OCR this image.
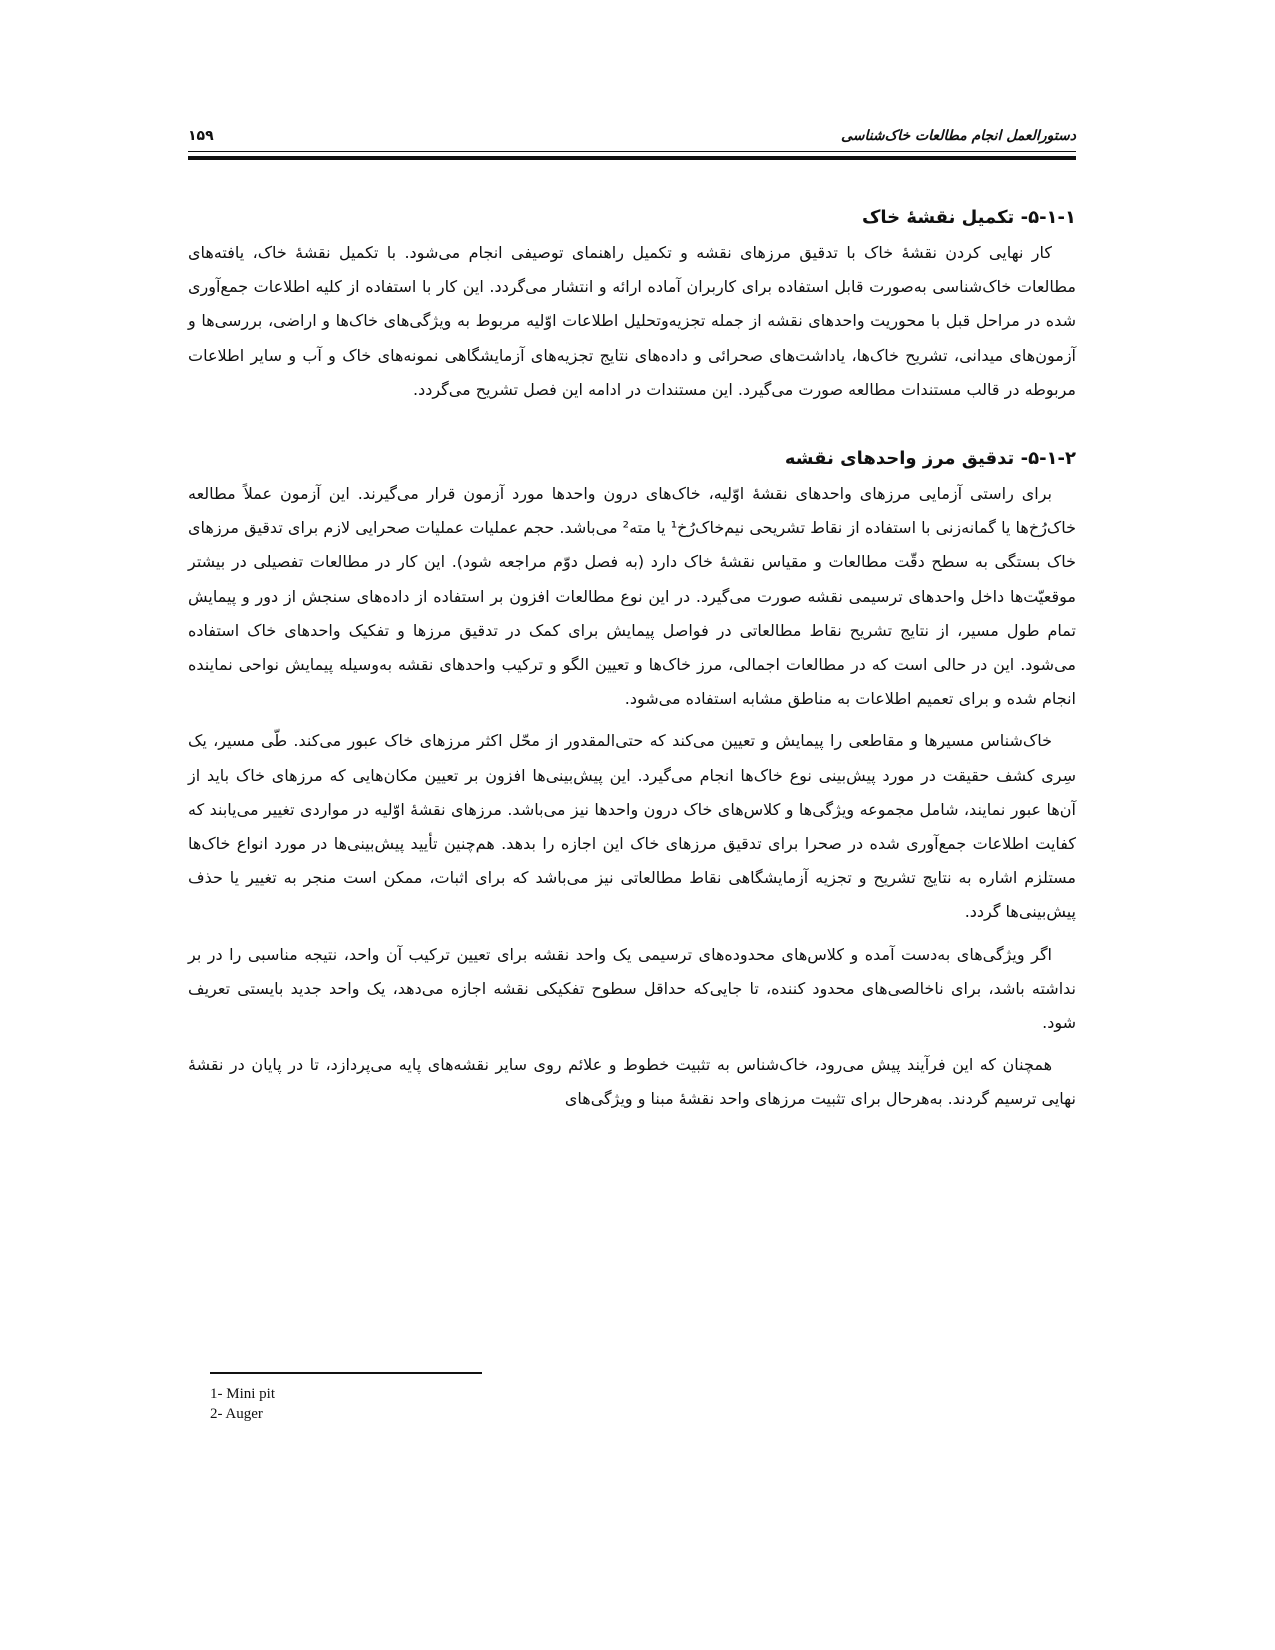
دستورالعمل انجام مطالعات خاک‌شناسی
۱۵۹
۵-۱-۱- تکمیل نقشهٔ خاک

کار نهایی کردن نقشهٔ خاک با تدقیق مرزهای نقشه و تکمیل راهنمای توصیفی انجام می‌شود. با تکمیل نقشهٔ خاک، یافته‌های مطالعات خاک‌شناسی به‌صورت قابل استفاده برای کاربران آماده ارائه و انتشار می‌گردد. این کار با استفاده از کلیه اطلاعات جمع‌آوری شده در مراحل قبل با محوریت واحدهای نقشه از جمله تجزیه‌وتحلیل اطلاعات اوّلیه مربوط به ویژگی‌های خاک‌ها و اراضی، بررسی‌ها و آزمون‌های میدانی، تشریح خاک‌ها، یاداشت‌های صحرائی و داده‌های نتایج تجزیه‌های آزمایشگاهی نمونه‌های خاک و آب و سایر اطلاعات مربوطه در قالب مستندات مطالعه صورت می‌گیرد. این مستندات در ادامه این فصل تشریح می‌گردد.

۵-۱-۲- تدقیق مرز واحدهای نقشه

برای راستی آزمایی مرزهای واحدهای نقشهٔ اوّلیه، خاک‌های درون واحدها مورد آزمون قرار می‌گیرند. این آزمون عملاً مطالعه خاک‌رُخ‌ها یا گمانه‌زنی با استفاده از نقاط تشریحی نیم‌خاک‌رُخ¹ یا مته² می‌باشد. حجم عملیات عملیات صحرایی لازم برای تدقیق مرزهای خاک بستگی به سطح دقّت مطالعات و مقیاس نقشهٔ خاک دارد (به فصل دوّم مراجعه شود). این کار در مطالعات تفصیلی در بیشتر موقعیّت‌ها داخل واحدهای ترسیمی نقشه صورت می‌گیرد. در این نوع مطالعات افزون بر استفاده از داده‌های سنجش از دور و پیمایش تمام طول مسیر، از نتایج تشریح نقاط مطالعاتی در فواصل پیمایش برای کمک در تدقیق مرزها و تفکیک واحدهای خاک استفاده می‌شود. این در حالی است که در مطالعات اجمالی، مرز خاک‌ها و تعیین الگو و ترکیب واحدهای نقشه به‌وسیله پیمایش نواحی نماینده انجام شده و برای تعمیم اطلاعات به مناطق مشابه استفاده می‌شود.

خاک‌شناس مسیرها و مقاطعی را پیمایش و تعیین می‌کند که حتی‌المقدور از محّل اکثر مرزهای خاک عبور می‌کند. طّی مسیر، یک سِری کشف حقیقت در مورد پیش‌بینی نوع خاک‌ها انجام می‌گیرد. این پیش‌بینی‌ها افزون بر تعیین مکان‌هایی که مرزهای خاک باید از آن‌ها عبور نمایند، شامل مجموعه ویژگی‌ها و کلاس‌های خاک درون واحدها نیز می‌باشد. مرزهای نقشهٔ اوّلیه در مواردی تغییر می‌یابند که کفایت اطلاعات جمع‌آوری شده در صحرا برای تدقیق مرزهای خاک این اجازه را بدهد. هم‌چنین تأیید پیش‌بینی‌ها در مورد انواع خاک‌ها مستلزم اشاره به نتایج تشریح و تجزیه آزمایشگاهی نقاط مطالعاتی نیز می‌باشد که برای اثبات، ممکن است منجر به تغییر یا حذف پیش‌بینی‌ها گردد.

اگر ویژگی‌های به‌دست آمده و کلاس‌های محدوده‌های ترسیمی یک واحد نقشه برای تعیین ترکیب آن واحد، نتیجه مناسبی را در بر نداشته باشد، برای ناخالصی‌های محدود کننده، تا جایی‌که حداقل سطوح تفکیکی نقشه اجازه می‌دهد، یک واحد جدید بایستی تعریف شود.

همچنان که این فرآیند پیش می‌رود، خاک‌شناس به تثبیت خطوط و علائم روی سایر نقشه‌های پایه می‌پردازد، تا در پایان در نقشهٔ نهایی ترسیم گردند. به‌هرحال برای تثبیت مرزهای واحد نقشهٔ مبنا و ویژگی‌های

1- Mini pit
2- Auger
